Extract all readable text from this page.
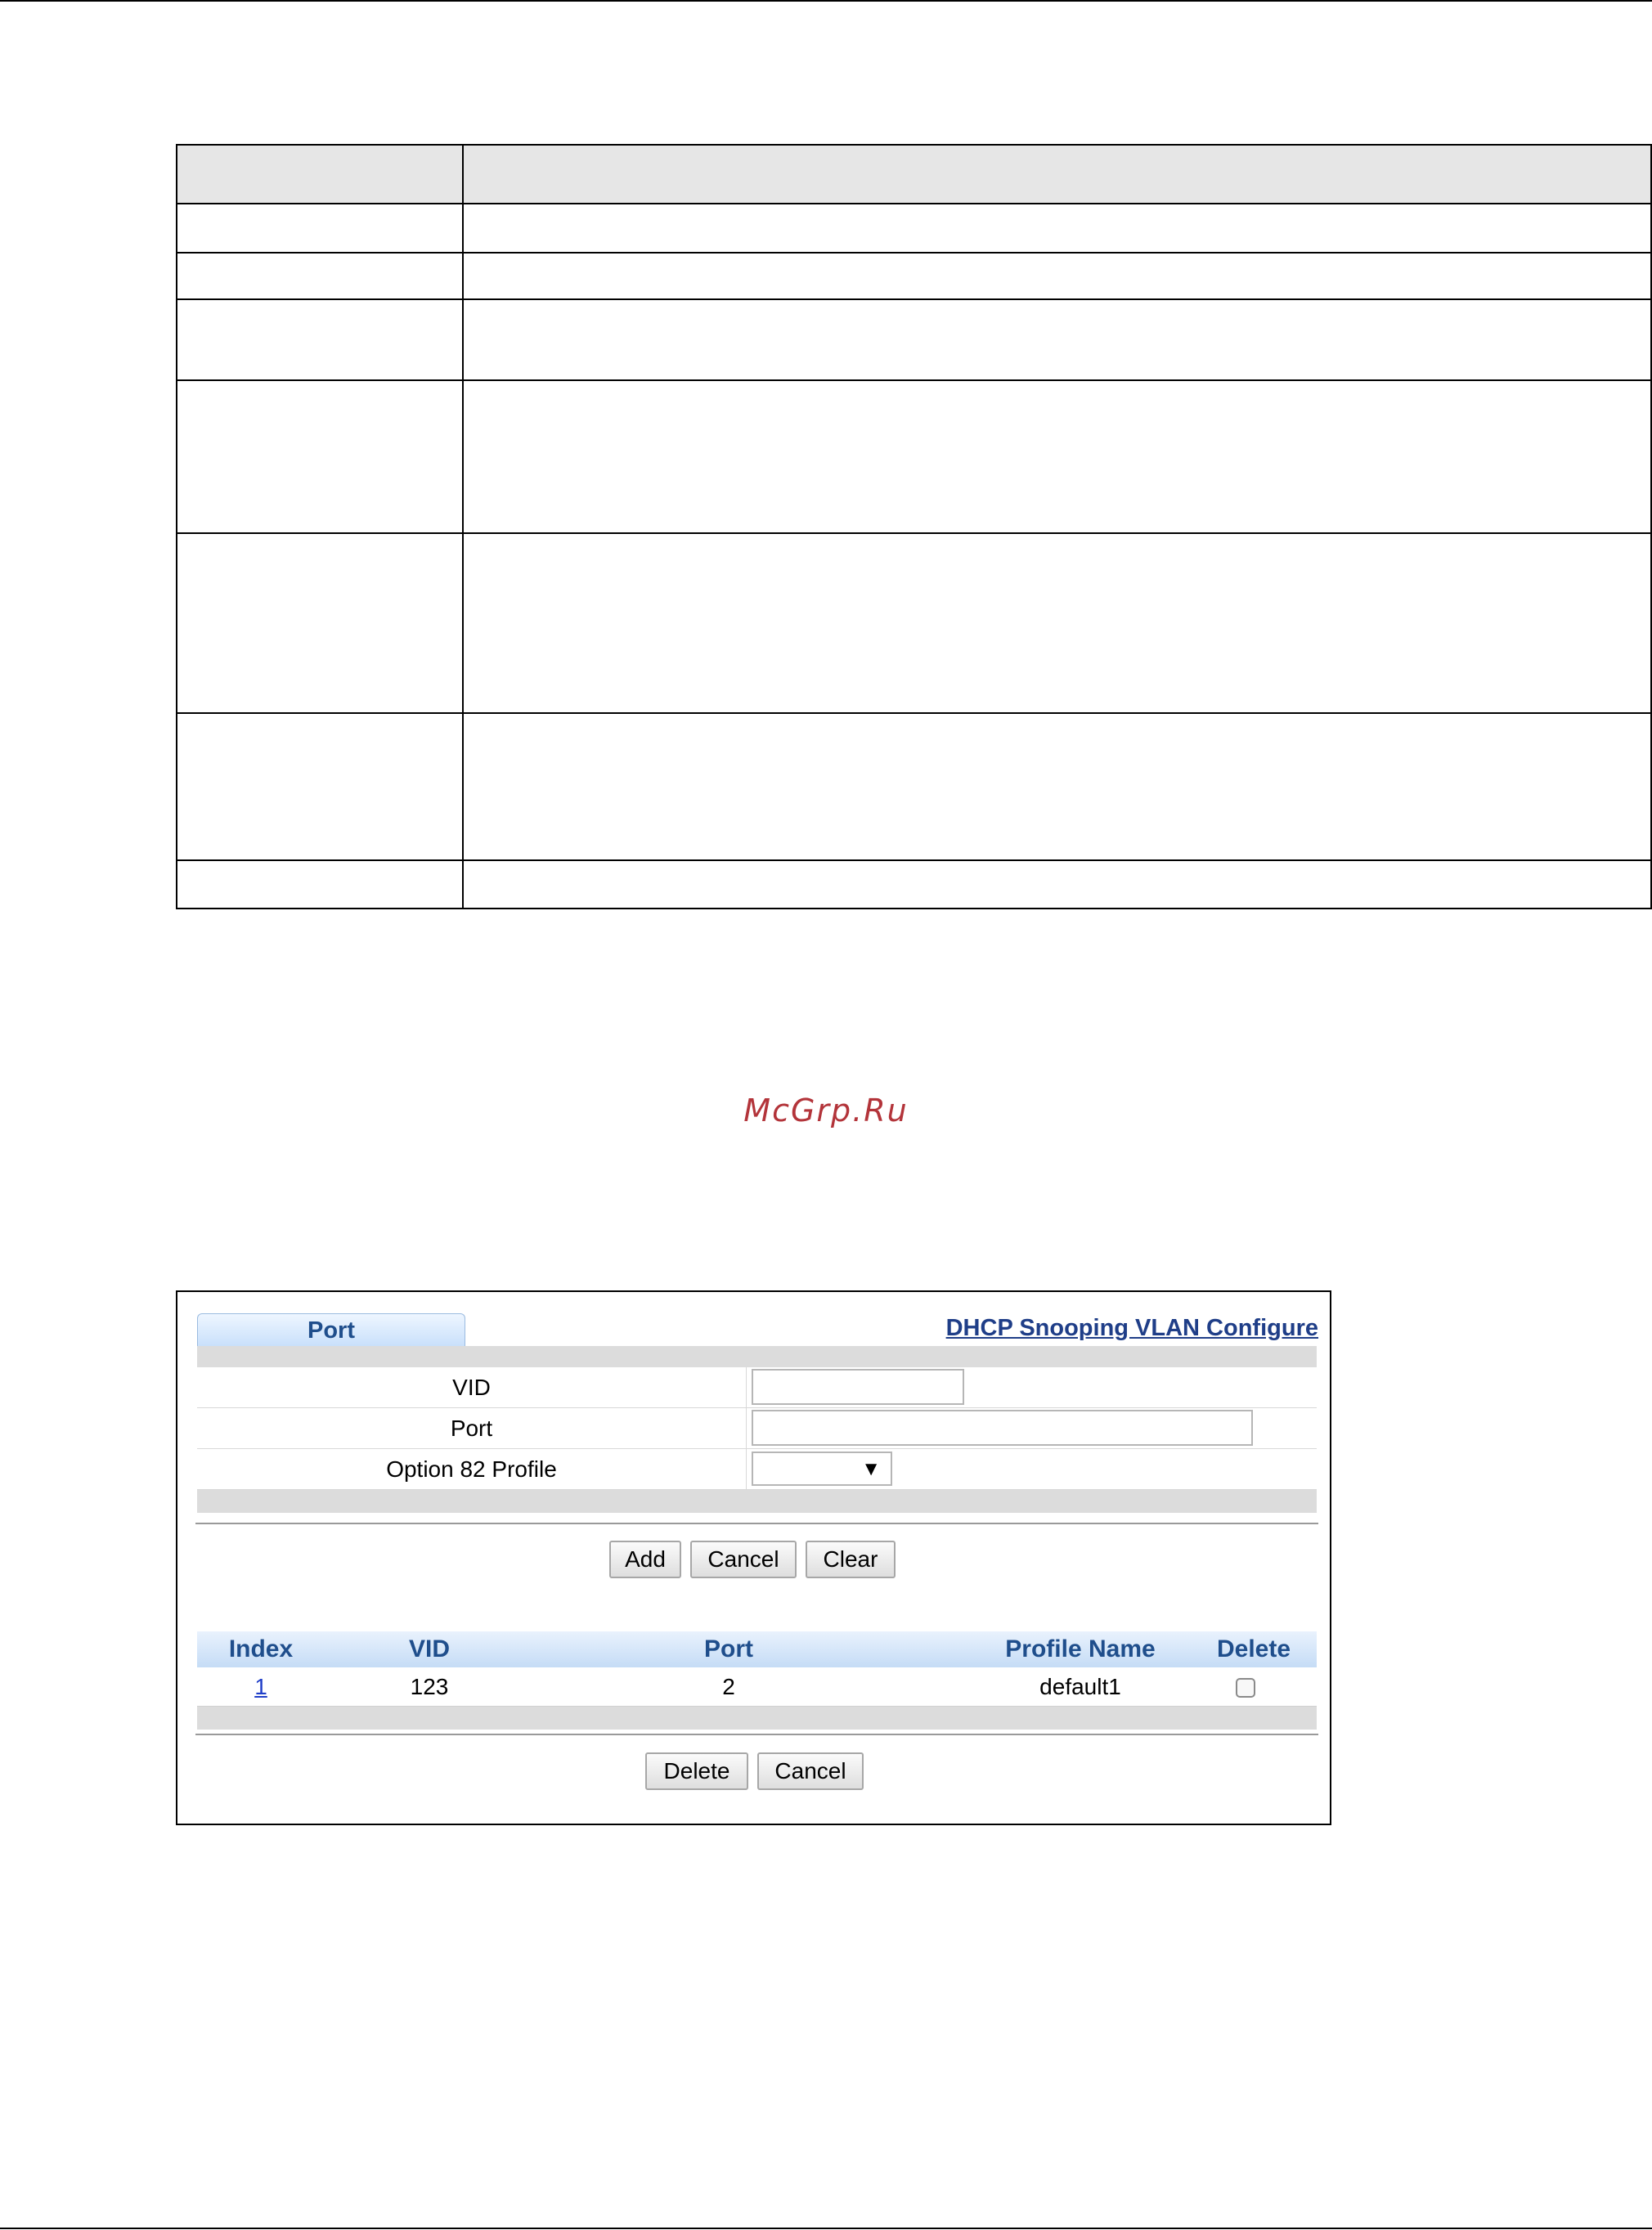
McGrp.Ru
Port	DHCP Snooping VLAN Configure
VID
Port
Option 82 Profile	▼
Add	Cancel	Clear
Index	VID	Port	Profile Name	Delete
1	123	2	default1
Delete	Cancel
